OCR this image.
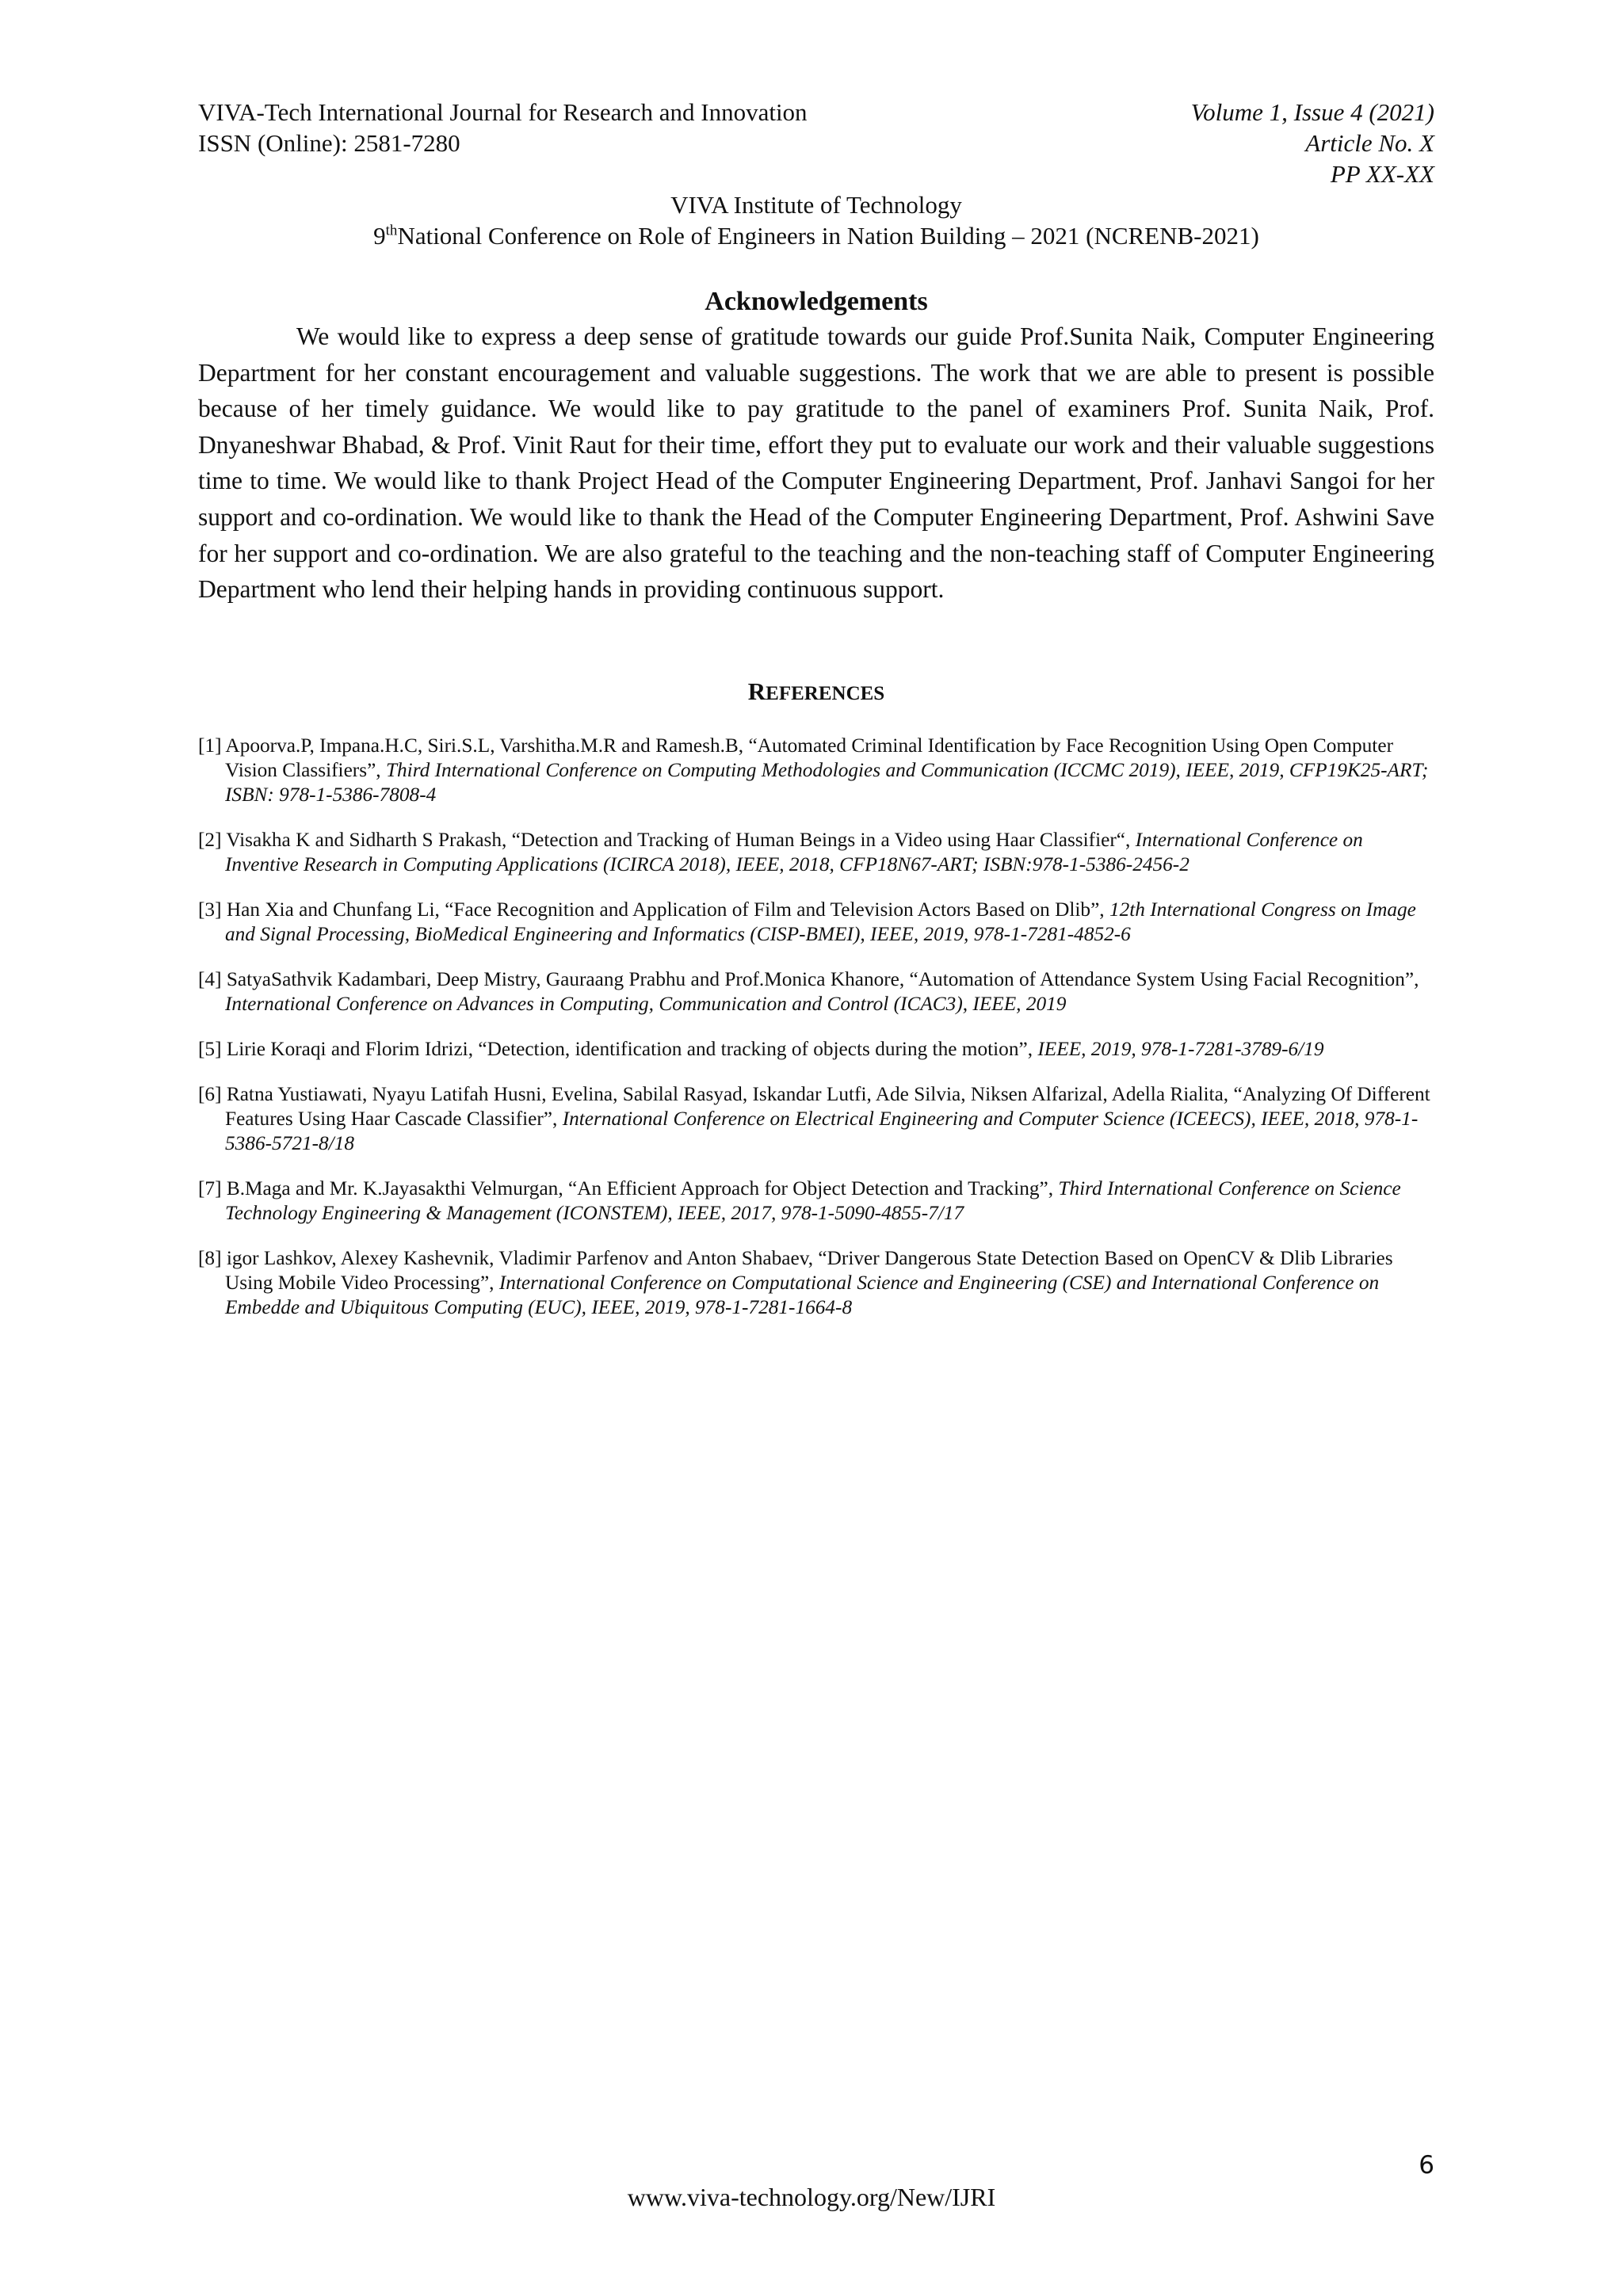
VIVA-Tech International Journal for Research and Innovation	Volume 1, Issue 4 (2021)
ISSN (Online): 2581-7280	Article No. X
PP XX-XX
VIVA Institute of Technology
9thNational Conference on Role of Engineers in Nation Building – 2021 (NCRENB-2021)
Acknowledgements

We would like to express a deep sense of gratitude towards our guide Prof.Sunita Naik, Computer Engineering Department for her constant encouragement and valuable suggestions. The work that we are able to present is possible because of her timely guidance. We would like to pay gratitude to the panel of examiners Prof. Sunita Naik, Prof. Dnyaneshwar Bhabad, & Prof. Vinit Raut for their time, effort they put to evaluate our work and their valuable suggestions time to time. We would like to thank Project Head of the Computer Engineering Department, Prof. Janhavi Sangoi for her support and co-ordination. We would like to thank the Head of the Computer Engineering Department, Prof. Ashwini Save for her support and co-ordination. We are also grateful to the teaching and the non-teaching staff of Computer Engineering Department who lend their helping hands in providing continuous support.

REFERENCES

[1] Apoorva.P, Impana.H.C, Siri.S.L, Varshitha.M.R and Ramesh.B, “Automated Criminal Identification by Face Recognition Using Open Computer Vision Classifiers”, Third International Conference on Computing Methodologies and Communication (ICCMC 2019), IEEE, 2019, CFP19K25-ART; ISBN: 978-1-5386-7808-4

[2] Visakha K and Sidharth S Prakash, “Detection and Tracking of Human Beings in a Video using Haar Classifier“, International Conference on Inventive Research in Computing Applications (ICIRCA 2018), IEEE, 2018, CFP18N67-ART; ISBN:978-1-5386-2456-2

[3] Han Xia and Chunfang Li, “Face Recognition and Application of Film and Television Actors Based on Dlib”, 12th International Congress on Image and Signal Processing, BioMedical Engineering and Informatics (CISP-BMEI), IEEE, 2019, 978-1-7281-4852-6

[4] SatyaSathvik Kadambari, Deep Mistry, Gauraang Prabhu and Prof.Monica Khanore, “Automation of Attendance System Using Facial Recognition”, International Conference on Advances in Computing, Communication and Control (ICAC3), IEEE, 2019

[5] Lirie Koraqi and Florim Idrizi, “Detection, identification and tracking of objects during the motion”, IEEE, 2019, 978-1-7281-3789-6/19

[6] Ratna Yustiawati, Nyayu Latifah Husni, Evelina, Sabilal Rasyad, Iskandar Lutfi, Ade Silvia, Niksen Alfarizal, Adella Rialita, “Analyzing Of Different Features Using Haar Cascade Classifier”, International Conference on Electrical Engineering and Computer Science (ICEECS), IEEE, 2018, 978-1-5386-5721-8/18

[7] B.Maga and Mr. K.Jayasakthi Velmurgan, “An Efficient Approach for Object Detection and Tracking”, Third International Conference on Science Technology Engineering & Management (ICONSTEM), IEEE, 2017, 978-1-5090-4855-7/17

[8] igor Lashkov, Alexey Kashevnik, Vladimir Parfenov and Anton Shabaev, “Driver Dangerous State Detection Based on OpenCV & Dlib Libraries Using Mobile Video Processing”, International Conference on Computational Science and Engineering (CSE) and International Conference on Embedde and Ubiquitous Computing (EUC), IEEE, 2019, 978-1-7281-1664-8

6
www.viva-technology.org/New/IJRI
